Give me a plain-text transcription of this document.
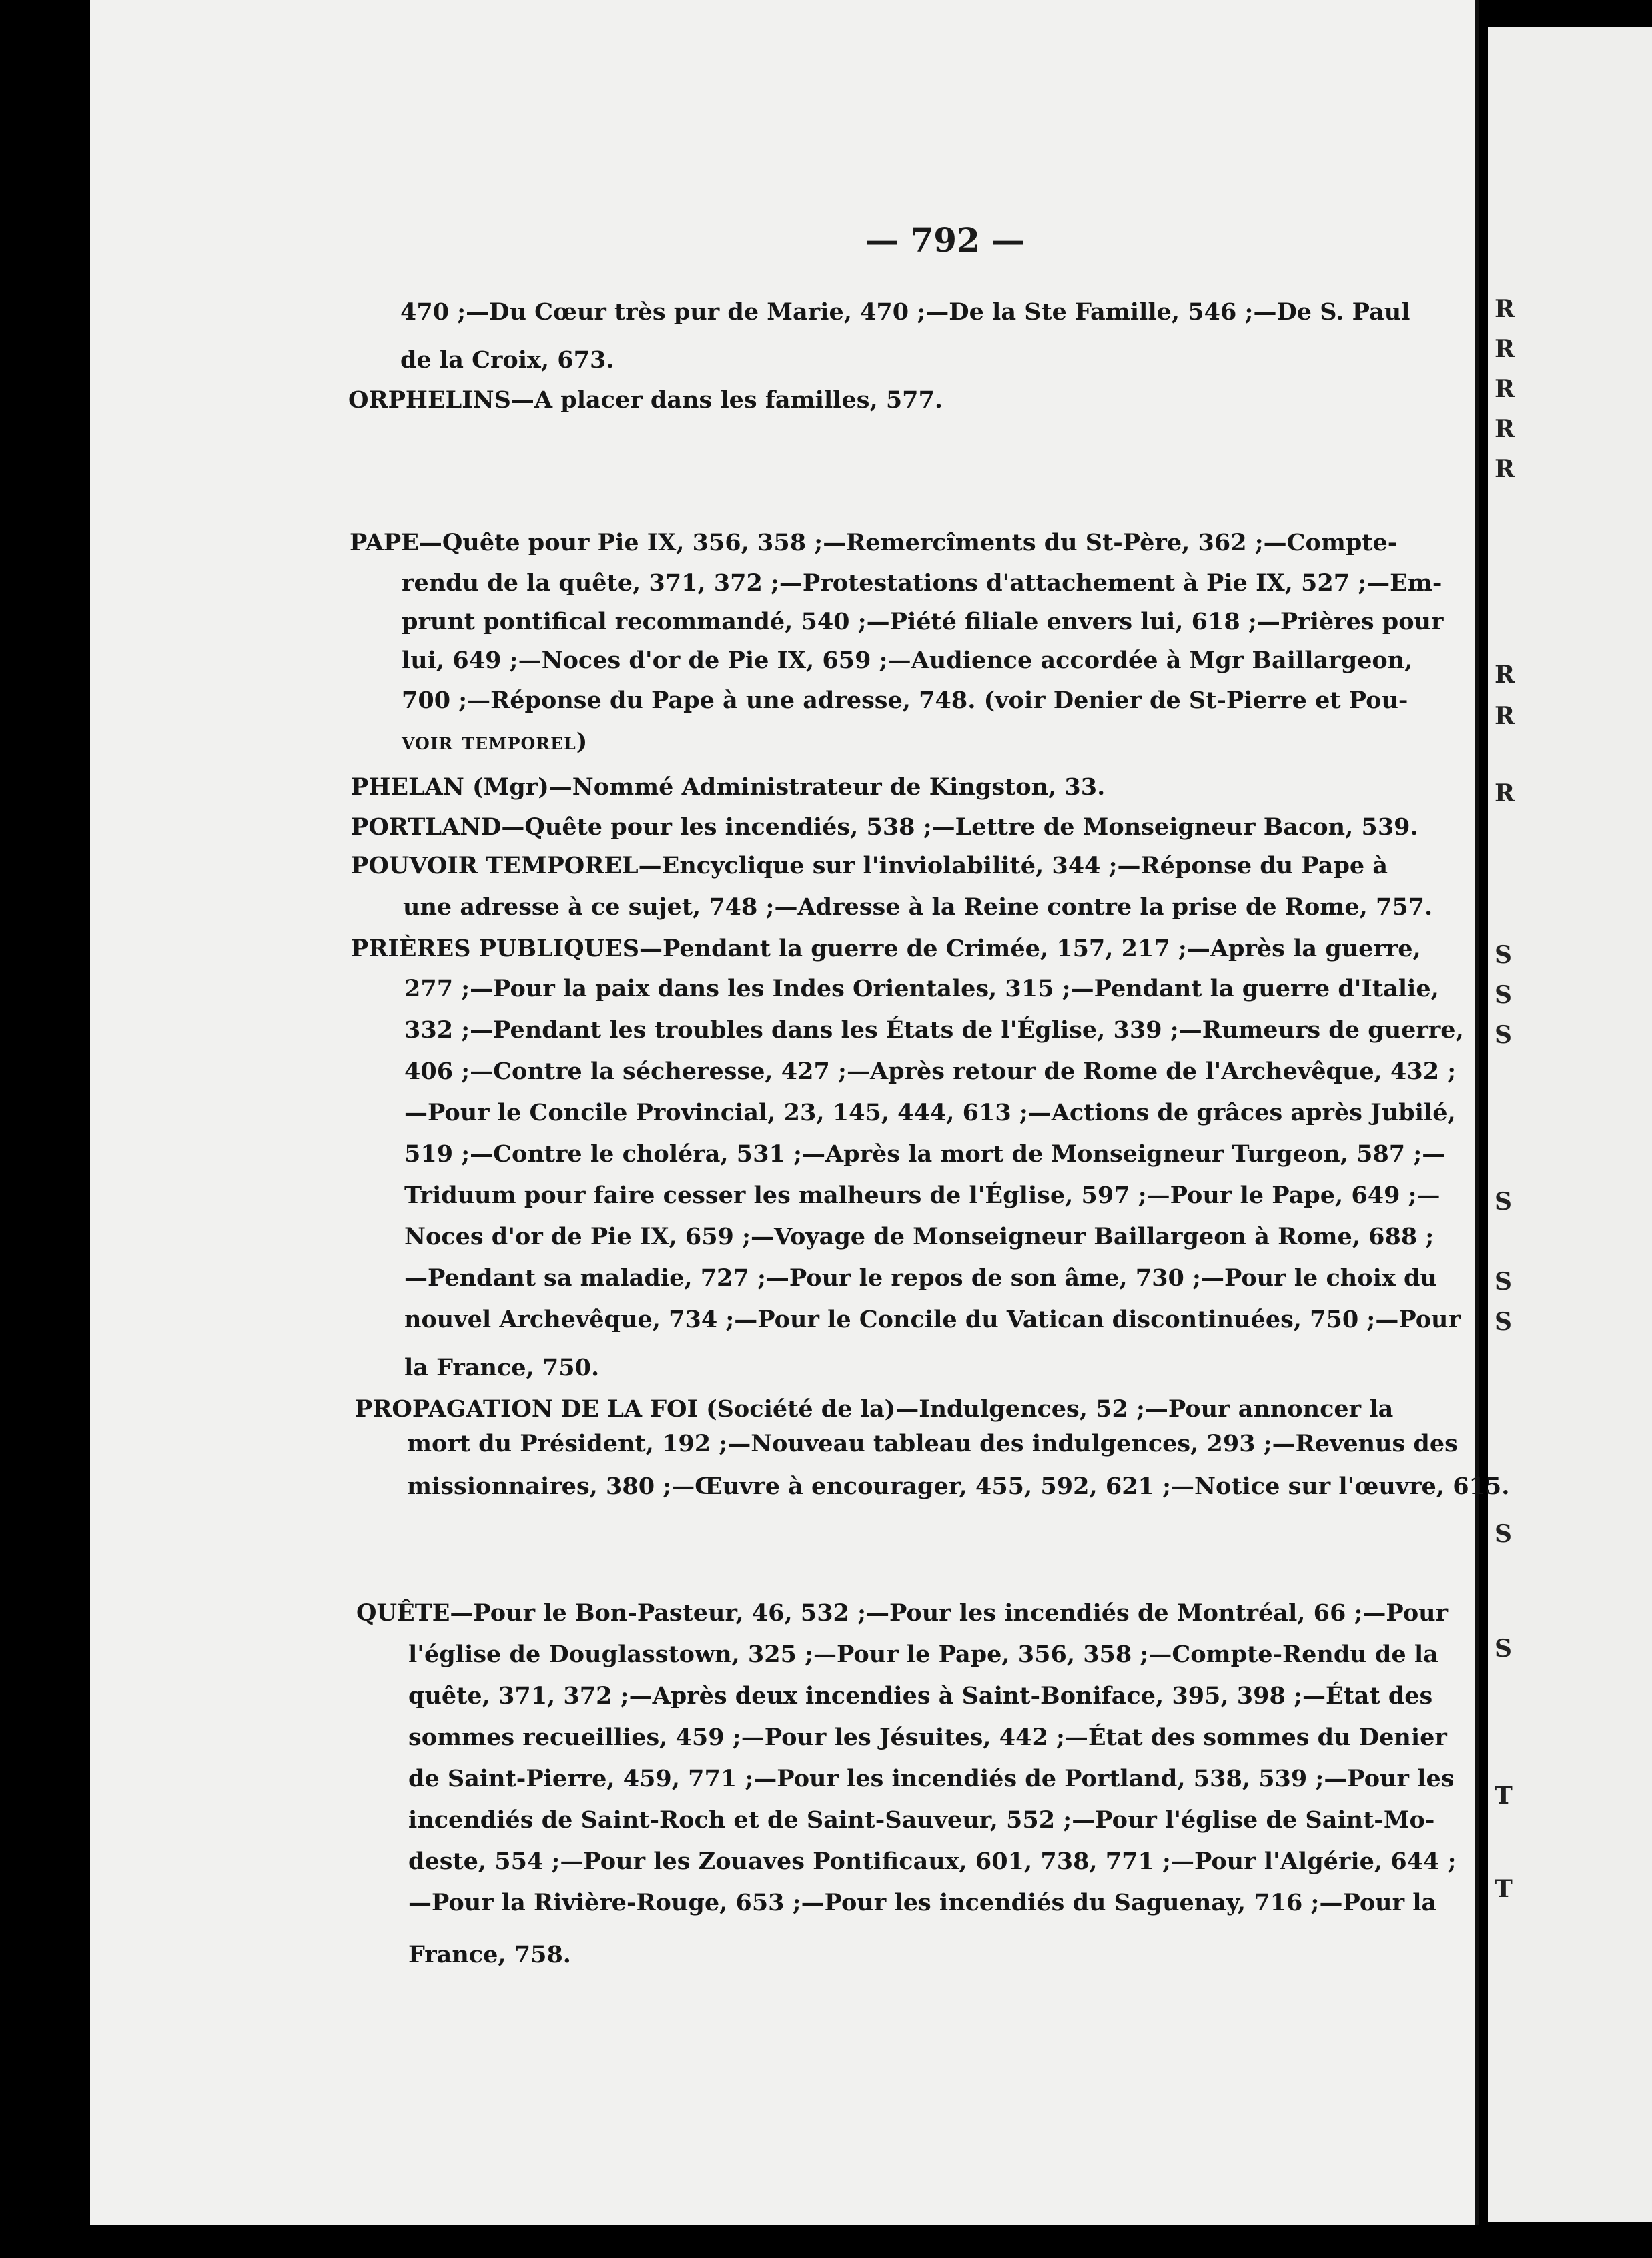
— 792 —
R
R
R
R
R
R
R
R
S
S
S
S
S
S
S
S
T
T

470 ;—Du Cœur très pur de Marie, 470 ;—De la Ste Famille, 546 ;—De S. Paul

de la Croix, 673.

ORPHELINS—A placer dans les familles, 577.

PAPE—Quête pour Pie IX, 356, 358 ;—Remercîments du St-Père, 362 ;—Compte-

rendu de la quête, 371, 372 ;—Protestations d'attachement à Pie IX, 527 ;—Em-

prunt pontifical recommandé, 540 ;—Piété filiale envers lui, 618 ;—Prières pour

lui, 649 ;—Noces d'or de Pie IX, 659 ;—Audience accordée à Mgr Baillargeon,

700 ;—Réponse du Pape à une adresse, 748. (voir Denier de St-Pierre et Pou-

voir temporel)

PHELAN (Mgr)—Nommé Administrateur de Kingston, 33.

PORTLAND—Quête pour les incendiés, 538 ;—Lettre de Monseigneur Bacon, 539.

POUVOIR TEMPOREL—Encyclique sur l'inviolabilité, 344 ;—Réponse du Pape à

une adresse à ce sujet, 748 ;—Adresse à la Reine contre la prise de Rome, 757.

PRIÈRES PUBLIQUES—Pendant la guerre de Crimée, 157, 217 ;—Après la guerre,

277 ;—Pour la paix dans les Indes Orientales, 315 ;—Pendant la guerre d'Italie,

332 ;—Pendant les troubles dans les États de l'Église, 339 ;—Rumeurs de guerre,

406 ;—Contre la sécheresse, 427 ;—Après retour de Rome de l'Archevêque, 432 ;

—Pour le Concile Provincial, 23, 145, 444, 613 ;—Actions de grâces après Jubilé,

519 ;—Contre le choléra, 531 ;—Après la mort de Monseigneur Turgeon, 587 ;—

Triduum pour faire cesser les malheurs de l'Église, 597 ;—Pour le Pape, 649 ;—

Noces d'or de Pie IX, 659 ;—Voyage de Monseigneur Baillargeon à Rome, 688 ;

—Pendant sa maladie, 727 ;—Pour le repos de son âme, 730 ;—Pour le choix du

nouvel Archevêque, 734 ;—Pour le Concile du Vatican discontinuées, 750 ;—Pour

la France, 750.

PROPAGATION DE LA FOI (Société de la)—Indulgences, 52 ;—Pour annoncer la

mort du Président, 192 ;—Nouveau tableau des indulgences, 293 ;—Revenus des

missionnaires, 380 ;—Œuvre à encourager, 455, 592, 621 ;—Notice sur l'œuvre, 615.

QUÊTE—Pour le Bon-Pasteur, 46, 532 ;—Pour les incendiés de Montréal, 66 ;—Pour

l'église de Douglasstown, 325 ;—Pour le Pape, 356, 358 ;—Compte-Rendu de la

quête, 371, 372 ;—Après deux incendies à Saint-Boniface, 395, 398 ;—État des

sommes recueillies, 459 ;—Pour les Jésuites, 442 ;—État des sommes du Denier

de Saint-Pierre, 459, 771 ;—Pour les incendiés de Portland, 538, 539 ;—Pour les

incendiés de Saint-Roch et de Saint-Sauveur, 552 ;—Pour l'église de Saint-Mo-

deste, 554 ;—Pour les Zouaves Pontificaux, 601, 738, 771 ;—Pour l'Algérie, 644 ;

—Pour la Rivière-Rouge, 653 ;—Pour les incendiés du Saguenay, 716 ;—Pour la

France, 758.
